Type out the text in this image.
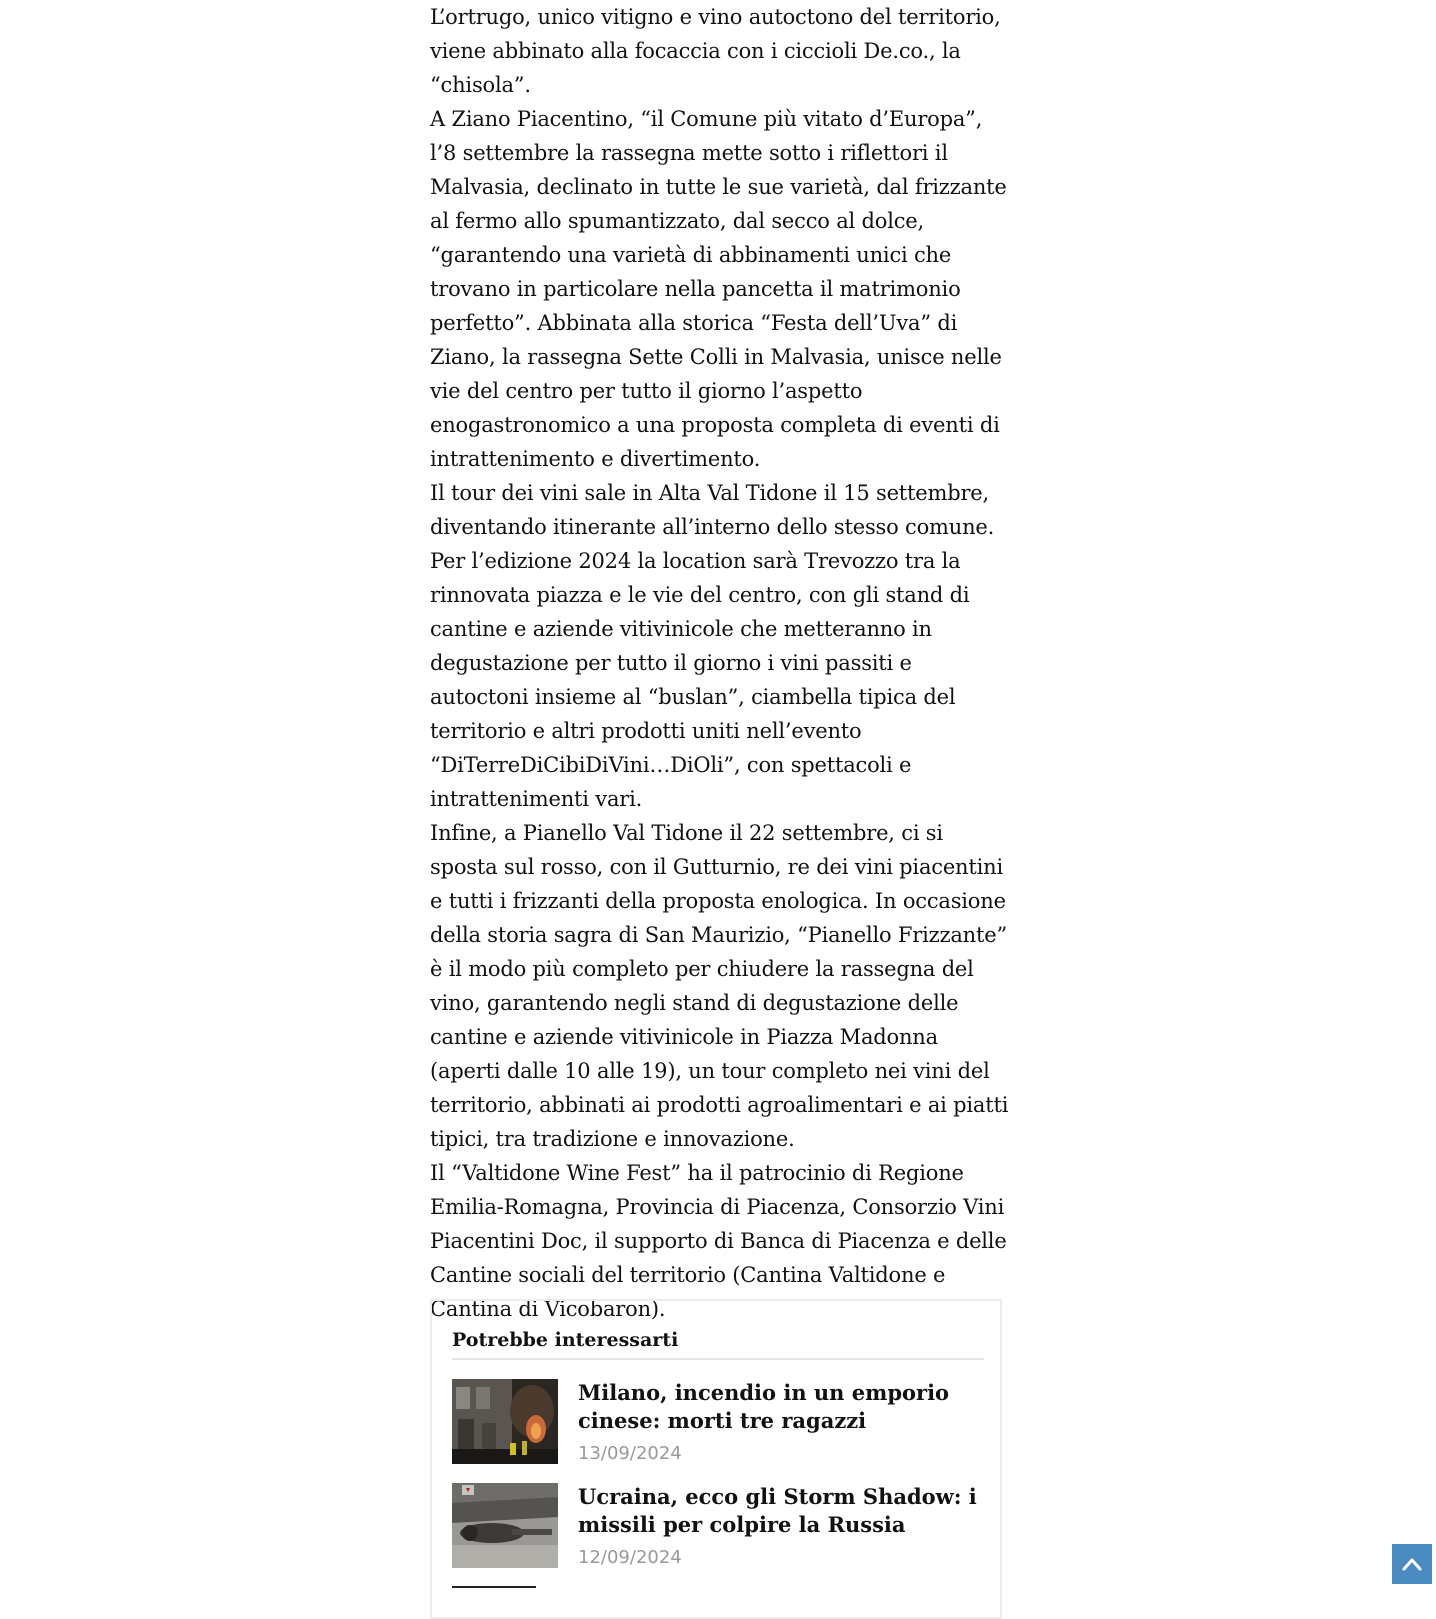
L’ortrugo, unico vitigno e vino autoctono del territorio, viene abbinato alla focaccia con i ciccioli De.co., la “chisola”.

A Ziano Piacentino, “il Comune più vitato d’Europa”, l’8 settembre la rassegna mette sotto i riflettori il Malvasia, declinato in tutte le sue varietà, dal frizzante al fermo allo spumantizzato, dal secco al dolce, “garantendo una varietà di abbinamenti unici che trovano in particolare nella pancetta il matrimonio perfetto”. Abbinata alla storica “Festa dell’Uva” di Ziano, la rassegna Sette Colli in Malvasia, unisce nelle vie del centro per tutto il giorno l’aspetto enogastronomico a una proposta completa di eventi di intrattenimento e divertimento.

Il tour dei vini sale in Alta Val Tidone il 15 settembre, diventando itinerante all’interno dello stesso comune. Per l’edizione 2024 la location sarà Trevozzo tra la rinnovata piazza e le vie del centro, con gli stand di cantine e aziende vitivinicole che metteranno in degustazione per tutto il giorno i vini passiti e autoctoni insieme al “buslan”, ciambella tipica del territorio e altri prodotti uniti nell’evento “DiTerreDiCibiDiVini…DiOli”, con spettacoli e intrattenimenti vari.

Infine, a Pianello Val Tidone il 22 settembre, ci si sposta sul rosso, con il Gutturnio, re dei vini piacentini e tutti i frizzanti della proposta enologica. In occasione della storia sagra di San Maurizio, “Pianello Frizzante” è il modo più completo per chiudere la rassegna del vino, garantendo negli stand di degustazione delle cantine e aziende vitivinicole in Piazza Madonna (aperti dalle 10 alle 19), un tour completo nei vini del territorio, abbinati ai prodotti agroalimentari e ai piatti tipici, tra tradizione e innovazione.

Il “Valtidone Wine Fest” ha il patrocinio di Regione Emilia-Romagna, Provincia di Piacenza, Consorzio Vini Piacentini Doc, il supporto di Banca di Piacenza e delle Cantine sociali del territorio (Cantina Valtidone e Cantina di Vicobaron).

Potrebbe interessarti
Milano, incendio in un emporio cinese: morti tre ragazzi
13/09/2024
Ucraina, ecco gli Storm Shadow: i missili per colpire la Russia
12/09/2024
